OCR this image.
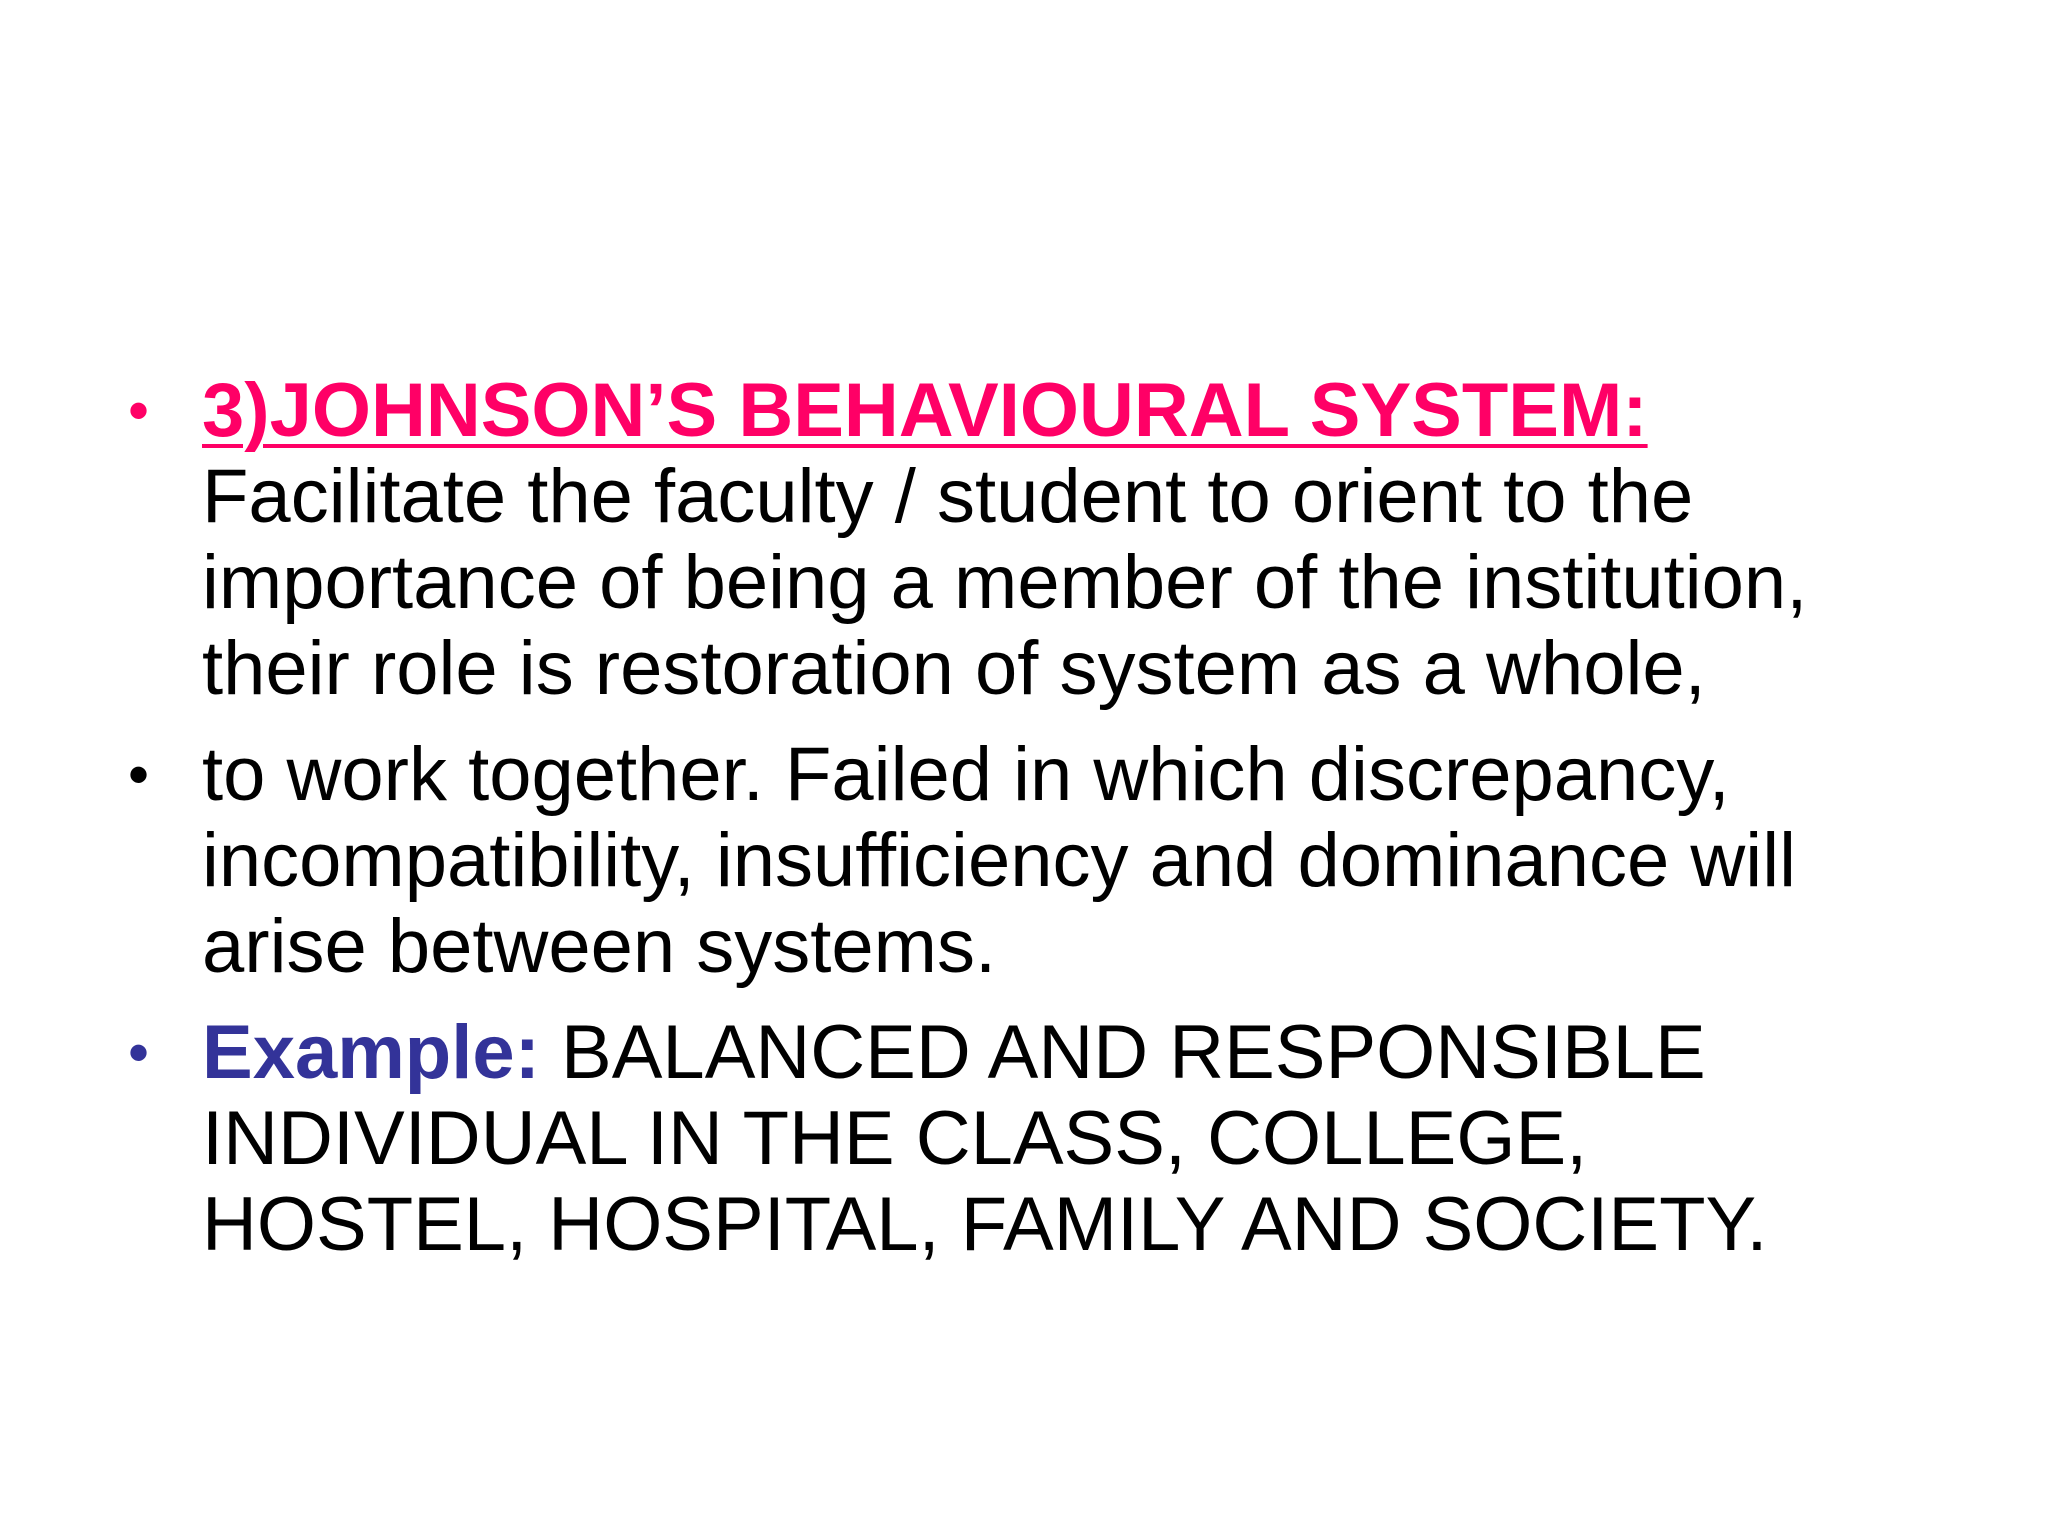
• 3)JOHNSON’S BEHAVIOURAL SYSTEM:
Facilitate the faculty / student to orient to the
importance of being a member of the institution,
their role is restoration of system as a whole,
• to work together. Failed in which discrepancy,
incompatibility, insufficiency and dominance will
arise between systems.
• Example: BALANCED AND RESPONSIBLE
INDIVIDUAL IN THE CLASS, COLLEGE,
HOSTEL, HOSPITAL, FAMILY AND SOCIETY.
